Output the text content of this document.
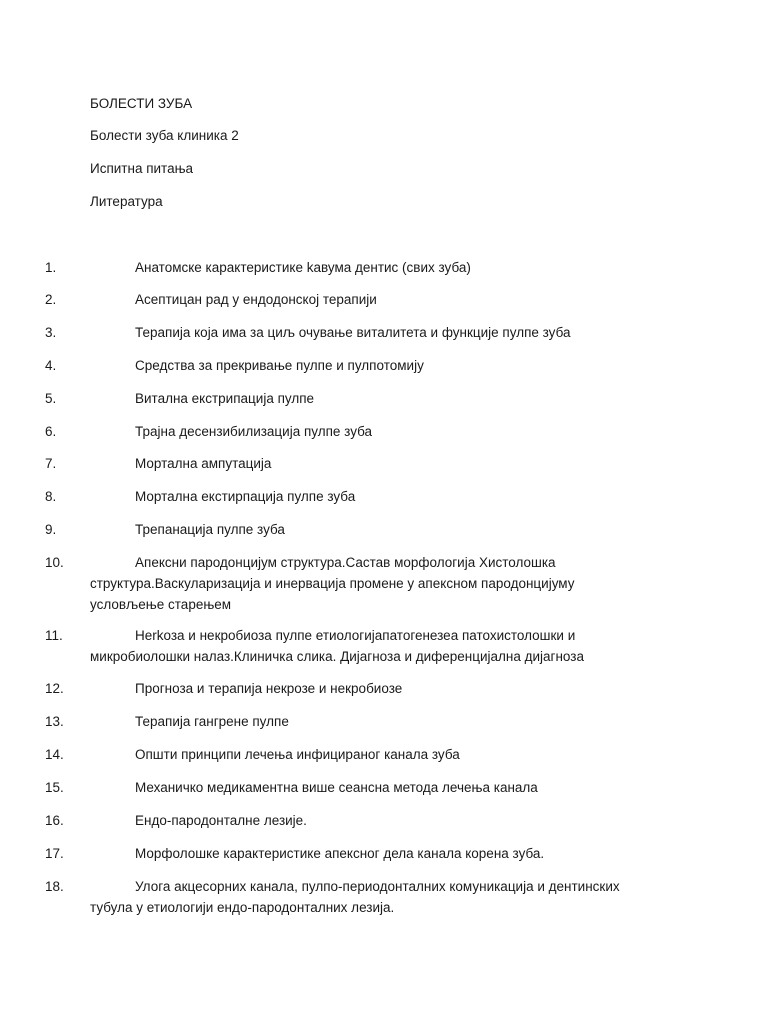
БОЛЕСТИ ЗУБА

Болести зуба клиника 2

Испитна питања

Литература

1.	Анатомске карактеристике kавума дентис (свих зуба)
2.	Асептицан рад у ендодонској терапији
3.	Терапија која има за циљ очување виталитета и функције пулпе зуба
4.	Средства за прекривање пулпе и пулпотомију
5.	Витална екстрипација пулпе
6.	Трајна десензибилизација пулпе зуба
7.	Мортална ампутација
8.	Мортална екстирпација пулпе зуба
9.	Трепанација пулпе зуба
10.	Апексни пародонцијум структура.Састав морфологија Хистолошка структура.Васкуларизација и инервација промене у апексном пародонцијуму условљење старењем
11.	Нerkоза и некробиоза пулпе етиологијапатогенезеа патохистолошки и микробиолошки налаз.Клиничка слика. Дијагноза и диференцијална дијагноза
12.	Прогноза и терапија некрозе и некробиозе
13.	Терапија гангрене пулпе
14.	Општи принципи лечења инфицираног канала зуба
15.	Механичко медикаментна више сеансна метода лечења канала
16.	Ендо-пародонталне лезије.
17.	Морфолошке карактеристике апексног дела канала корена зуба.
18.	Улога акцесорних канала, пулпо-периодонталних комуникација и дентинских тубула у етиологији ендо-пародонталних лезија.
